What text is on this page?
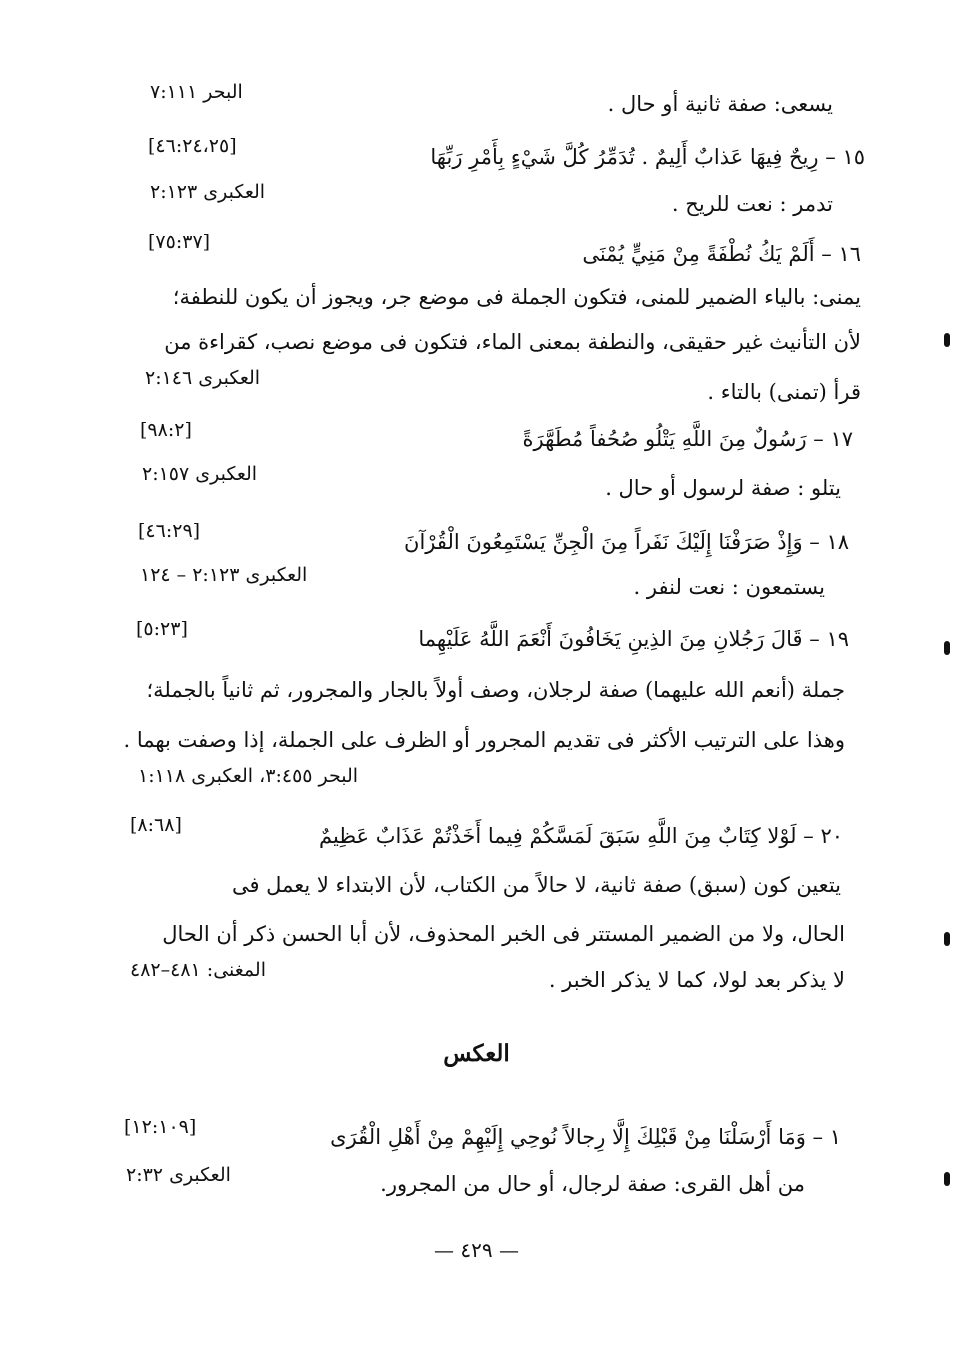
البحر ٧:١١١	يسعى: صفة ثانية أو حال .
١٥ – رِيحٌ فِيهَا عَذابٌ أَلِيمٌ . تُدَمِّرُ كُلَّ شَيْءٍ بِأَمْرِ رَبِّهَا
[٤٦:٢٤،٢٥]
العكبرى ٢:١٢٣	تدمر : نعت للريح .
١٦ – أَلَمْ يَكُ نُطْفَةً مِنْ مَنِيٍّ يُمْنَى
[٧٥:٣٧]
يمنى: بالياء الضمير للمنى، فتكون الجملة فى موضع جر، ويجوز أن يكون للنطفة؛
لأن التأنيث غير حقيقى، والنطفة بمعنى الماء، فتكون فى موضع نصب، كقراءة من
العكبرى ٢:١٤٦
قرأ (تمنى) بالتاء .
١٧ – رَسُولٌ مِنَ اللَّهِ يَتْلُو صُحُفاً مُطَهَّرَةً
[٩٨:٢]
العكبرى ٢:١٥٧
يتلو : صفة لرسول أو حال .
١٨ – وَإِذْ صَرَفْنَا إِلَيْكَ نَفَراً مِنَ الْجِنِّ يَسْتَمِعُونَ الْقُرْآنَ
[٤٦:٢٩]
العكبرى ٢:١٢٣ – ١٢٤	يستمعون : نعت لنفر .
١٩ – قَالَ رَجُلانِ مِنَ الذِينِ يَخَافُونَ أَنْعَمَ اللَّهُ عَلَيْهِما
[٥:٢٣]
جملة (أنعم الله عليهما) صفة لرجلان، وصف أولاً بالجار والمجرور، ثم ثانياً بالجملة؛
وهذا على الترتيب الأكثر فى تقديم المجرور أو الظرف على الجملة، إذا وصفت بهما .
البحر ٣:٤٥٥، العكبرى ١:١١٨
٢٠ – لَوْلا كِتَابٌ مِنَ اللَّهِ سَبَقَ لَمَسَّكُمْ فِيما أَخَذْتُمْ عَذَابٌ عَظِيمٌ
[٨:٦٨]
يتعين كون (سبق) صفة ثانية، لا حالاً من الكتاب، لأن الابتداء لا يعمل فى
الحال، ولا من الضمير المستتر فى الخبر المحذوف، لأن أبا الحسن ذكر أن الحال
المغنى: ٤٨١–٤٨٢	لا يذكر بعد لولا، كما لا يذكر الخبر .
العكس
١ – وَمَا أَرْسَلْنَا مِنْ قَبْلِكَ إِلَّا رِجالاً نُوحِي إِلَيْهِمْ مِنْ أَهْلِ الْقُرَى
[١٢:١٠٩]
من أهل القرى: صفة لرجال، أو حال من المجرور.
العكبرى ٢:٣٢
— ٤٢٩ —
